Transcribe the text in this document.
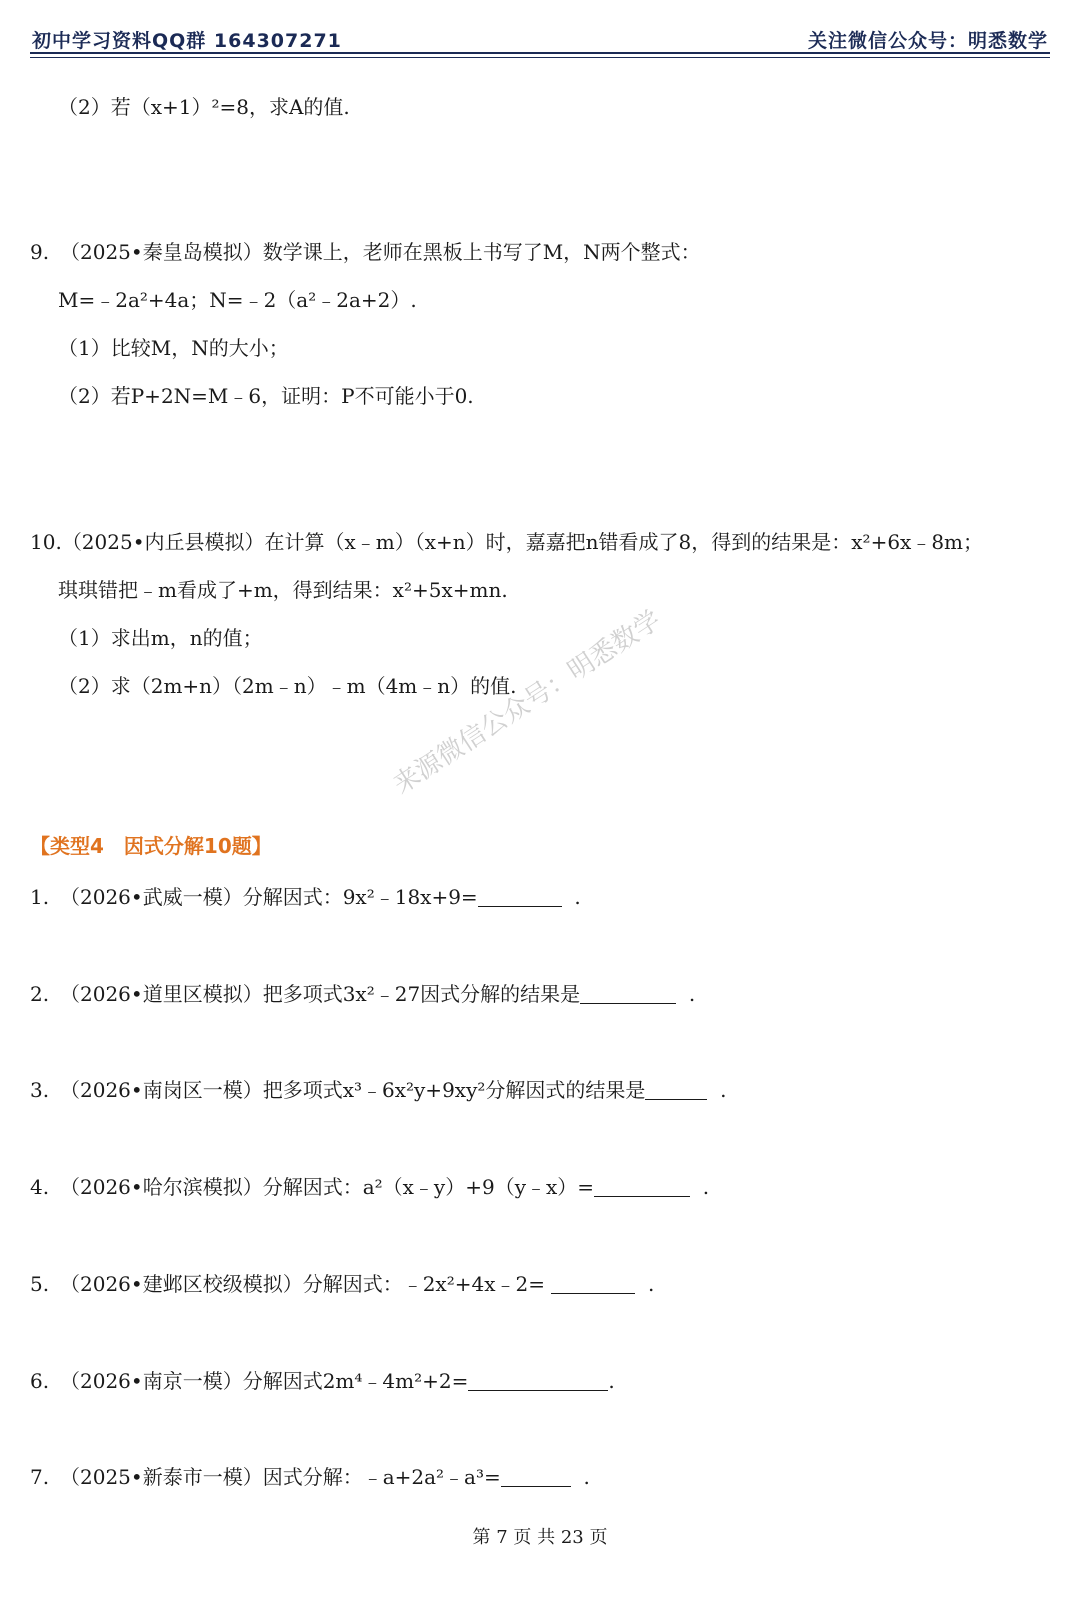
初中学习资料QQ群 164307271	关注微信公众号：明悉数学
（2）若（x+1）²=8，求A的值.
9. （2025•秦皇岛模拟）数学课上，老师在黑板上书写了M，N两个整式：
M=﹣2a²+4a；N=﹣2（a²﹣2a+2）.
（1）比较M，N的大小；
（2）若P+2N=M﹣6，证明：P不可能小于0.
10.（2025•内丘县模拟）在计算（x﹣m）（x+n）时，嘉嘉把n错看成了8，得到的结果是：x²+6x﹣8m；
琪琪错把﹣m看成了+m，得到结果：x²+5x+mn.
（1）求出m，n的值；
（2）求（2m+n）（2m﹣n）﹣m（4m﹣n）的值.
来源微信公众号：明悉数学
【类型4　因式分解10题】
1. （2026•武威一模）分解因式：9x²﹣18x+9=	.
2. （2026•道里区模拟）把多项式3x²﹣27因式分解的结果是	.
3. （2026•南岗区一模）把多项式x³﹣6x²y+9xy²分解因式的结果是	.
4. （2026•哈尔滨模拟）分解因式：a²（x﹣y）+9（y﹣x）=	.
5. （2026•建邺区校级模拟）分解因式：﹣2x²+4x﹣2=	.
6. （2026•南京一模）分解因式2m⁴﹣4m²+2=	.
7. （2025•新泰市一模）因式分解：﹣a+2a²﹣a³=	.
第 7 页 共 23 页
